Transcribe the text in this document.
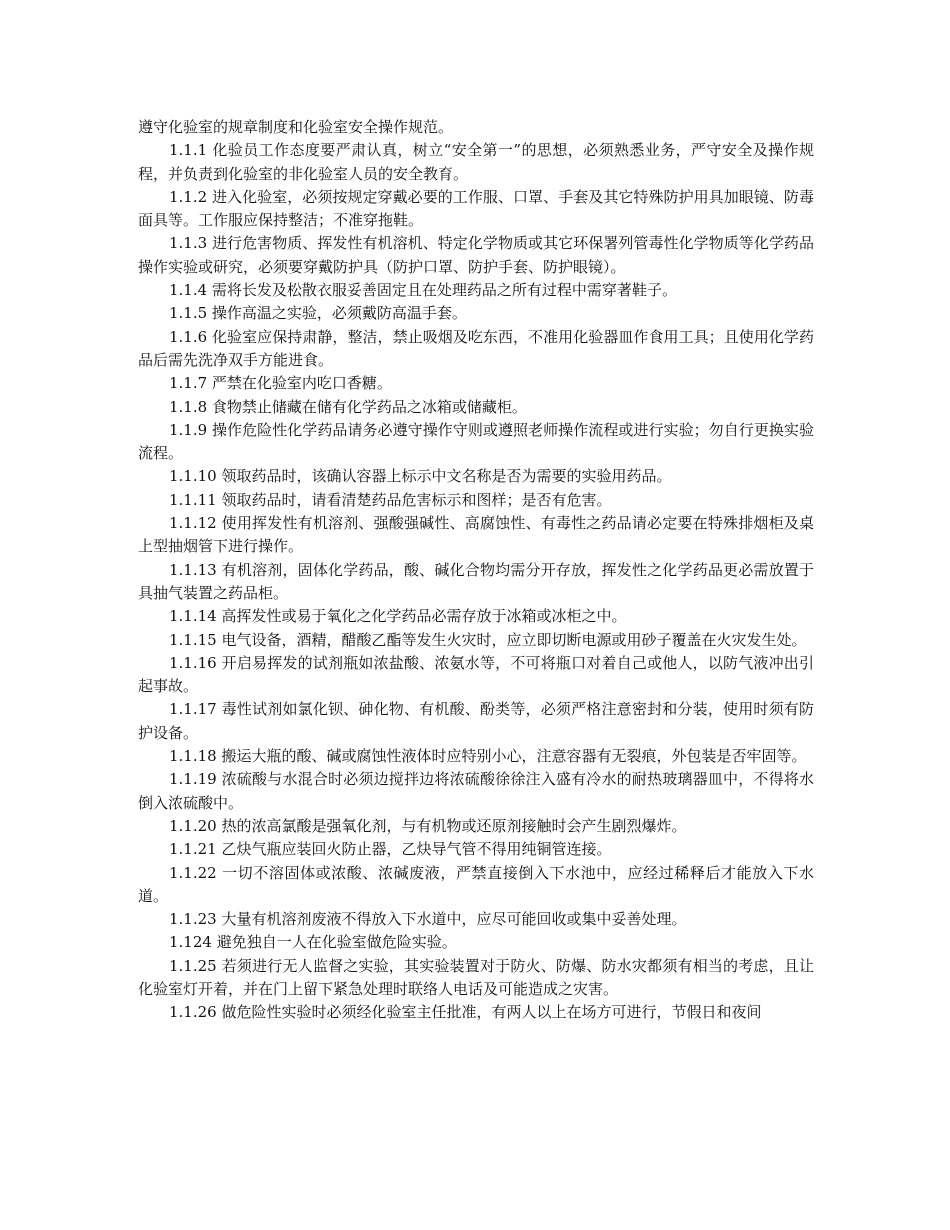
遵守化验室的规章制度和化验室安全操作规范。

1.1.1 化验员工作态度要严肃认真，树立“安全第一”的思想，必须熟悉业务，严守安全及操作规程，并负责到化验室的非化验室人员的安全教育。

1.1.2 进入化验室，必须按规定穿戴必要的工作服、口罩、手套及其它特殊防护用具加眼镜、防毒面具等。工作服应保持整洁；不准穿拖鞋。

1.1.3 进行危害物质、挥发性有机溶机、特定化学物质或其它环保署列管毒性化学物质等化学药品操作实验或研究，必须要穿戴防护具（防护口罩、防护手套、防护眼镜）。

1.1.4 需将长发及松散衣服妥善固定且在处理药品之所有过程中需穿著鞋子。

1.1.5 操作高温之实验，必须戴防高温手套。

1.1.6 化验室应保持肃静，整洁，禁止吸烟及吃东西，不准用化验器皿作食用工具；且使用化学药品后需先洗净双手方能进食。

1.1.7 严禁在化验室内吃口香糖。

1.1.8 食物禁止储藏在储有化学药品之冰箱或储藏柜。

1.1.9 操作危险性化学药品请务必遵守操作守则或遵照老师操作流程或进行实验；勿自行更换实验流程。

1.1.10 领取药品时，该确认容器上标示中文名称是否为需要的实验用药品。

1.1.11 领取药品时，请看清楚药品危害标示和图样；是否有危害。

1.1.12 使用挥发性有机溶剂、强酸强碱性、高腐蚀性、有毒性之药品请必定要在特殊排烟柜及桌上型抽烟管下进行操作。

1.1.13 有机溶剂，固体化学药品，酸、碱化合物均需分开存放，挥发性之化学药品更必需放置于具抽气装置之药品柜。

1.1.14 高挥发性或易于氧化之化学药品必需存放于冰箱或冰柜之中。

1.1.15 电气设备，酒精，醋酸乙酯等发生火灾时，应立即切断电源或用砂子覆盖在火灾发生处。

1.1.16 开启易挥发的试剂瓶如浓盐酸、浓氨水等，不可将瓶口对着自己或他人，以防气液冲出引起事故。

1.1.17 毒性试剂如氯化钡、砷化物、有机酸、酚类等，必须严格注意密封和分装，使用时须有防护设备。

1.1.18 搬运大瓶的酸、碱或腐蚀性液体时应特别小心，注意容器有无裂痕，外包装是否牢固等。

1.1.19 浓硫酸与水混合时必须边搅拌边将浓硫酸徐徐注入盛有冷水的耐热玻璃器皿中，不得将水倒入浓硫酸中。

1.1.20 热的浓高氯酸是强氧化剂，与有机物或还原剂接触时会产生剧烈爆炸。

1.1.21 乙炔气瓶应装回火防止器，乙炔导气管不得用纯铜管连接。

1.1.22 一切不溶固体或浓酸、浓碱废液，严禁直接倒入下水池中，应经过稀释后才能放入下水道。

1.1.23 大量有机溶剂废液不得放入下水道中，应尽可能回收或集中妥善处理。

1.124 避免独自一人在化验室做危险实验。

1.1.25 若须进行无人监督之实验，其实验装置对于防火、防爆、防水灾都须有相当的考虑，且让化验室灯开着，并在门上留下紧急处理时联络人电话及可能造成之灾害。

1.1.26 做危险性实验时必须经化验室主任批准，有两人以上在场方可进行，节假日和夜间
